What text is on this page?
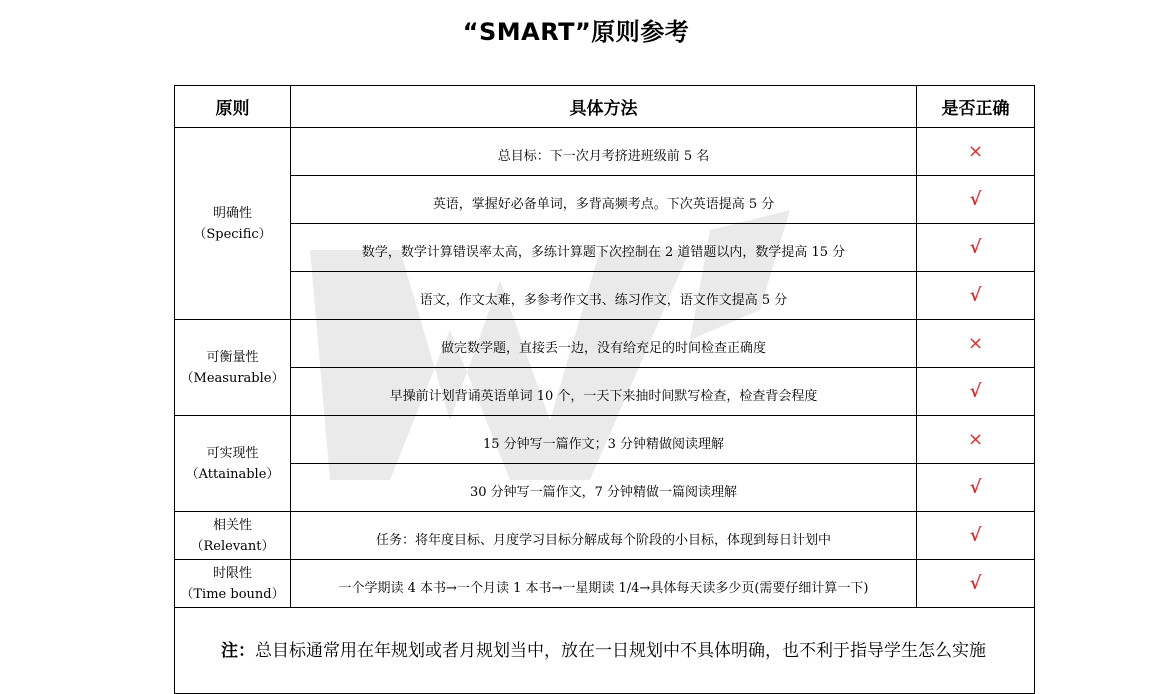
“SMART”原则参考
原则	具体方法	是否正确

明确性
（Specific）	总目标：下一次月考挤进班级前 5 名	×
	英语，掌握好必备单词，多背高频考点。下次英语提高 5 分	√
	数学，数学计算错误率太高，多练计算题下次控制在 2 道错题以内，数学提高 15 分	√
	语文，作文太难，多参考作文书、练习作文，语文作文提高 5 分	√

可衡量性
（Measurable）	做完数学题，直接丢一边，没有给充足的时间检查正确度	×
	早操前计划背诵英语单词 10 个，一天下来抽时间默写检查，检查背会程度	√

可实现性
（Attainable）	15 分钟写一篇作文；3 分钟精做阅读理解	×
	30 分钟写一篇作文，7 分钟精做一篇阅读理解	√

相关性
（Relevant）	任务：将年度目标、月度学习目标分解成每个阶段的小目标，体现到每日计划中	√

时限性
（Time bound）	一个学期读 4 本书→一个月读 1 本书→一星期读 1/4→具体每天读多少页(需要仔细计算一下)	√
注：总目标通常用在年规划或者月规划当中，放在一日规划中不具体明确，也不利于指导学生怎么实施		
